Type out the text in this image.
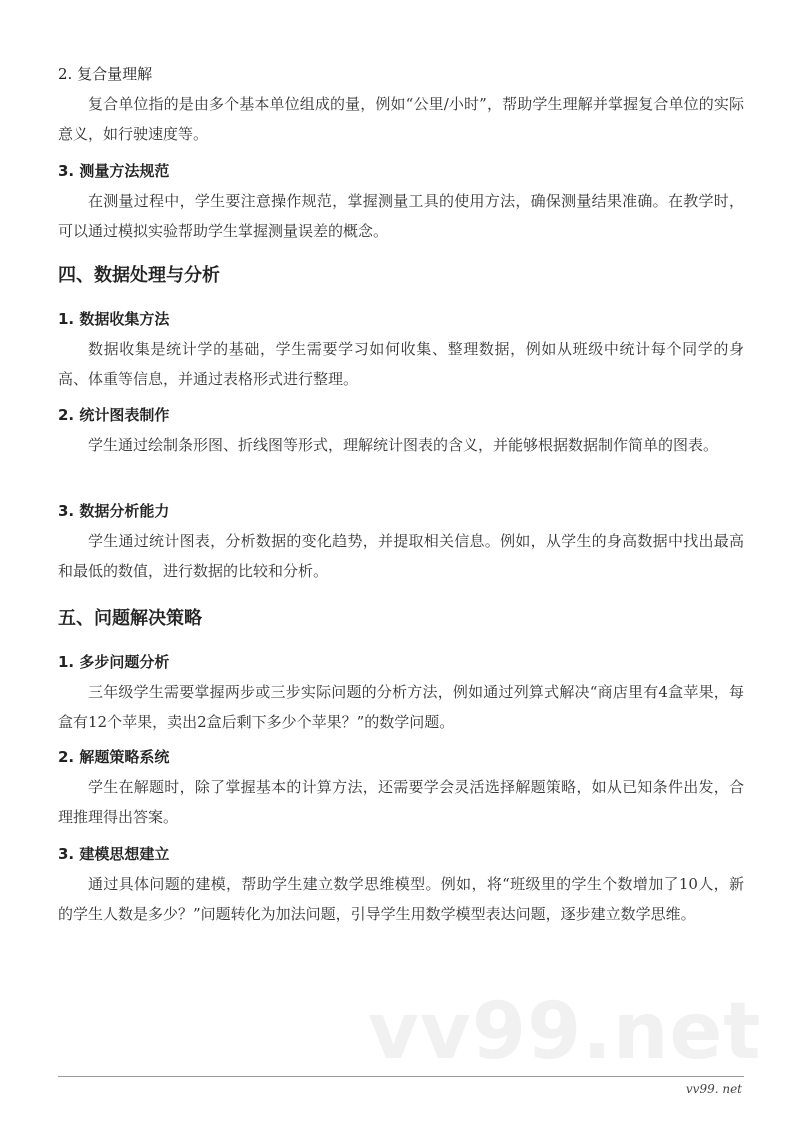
2. 复合量理解
复合单位指的是由多个基本单位组成的量，例如“公里/小时”，帮助学生理解并掌握复合单位的实际意义，如行驶速度等。
3. 测量方法规范
在测量过程中，学生要注意操作规范，掌握测量工具的使用方法，确保测量结果准确。在教学时，可以通过模拟实验帮助学生掌握测量误差的概念。
四、数据处理与分析
1. 数据收集方法
数据收集是统计学的基础，学生需要学习如何收集、整理数据，例如从班级中统计每个同学的身高、体重等信息，并通过表格形式进行整理。
2. 统计图表制作
学生通过绘制条形图、折线图等形式，理解统计图表的含义，并能够根据数据制作简单的图表。
3. 数据分析能力
学生通过统计图表，分析数据的变化趋势，并提取相关信息。例如，从学生的身高数据中找出最高和最低的数值，进行数据的比较和分析。
五、问题解决策略
1. 多步问题分析
三年级学生需要掌握两步或三步实际问题的分析方法，例如通过列算式解决“商店里有4盒苹果，每盒有12个苹果，卖出2盒后剩下多少个苹果？”的数学问题。
2. 解题策略系统
学生在解题时，除了掌握基本的计算方法，还需要学会灵活选择解题策略，如从已知条件出发，合理推理得出答案。
3. 建模思想建立
通过具体问题的建模，帮助学生建立数学思维模型。例如，将“班级里的学生个数增加了10人，新的学生人数是多少？”问题转化为加法问题，引导学生用数学模型表达问题，逐步建立数学思维。
vv99.net
vv99. net
